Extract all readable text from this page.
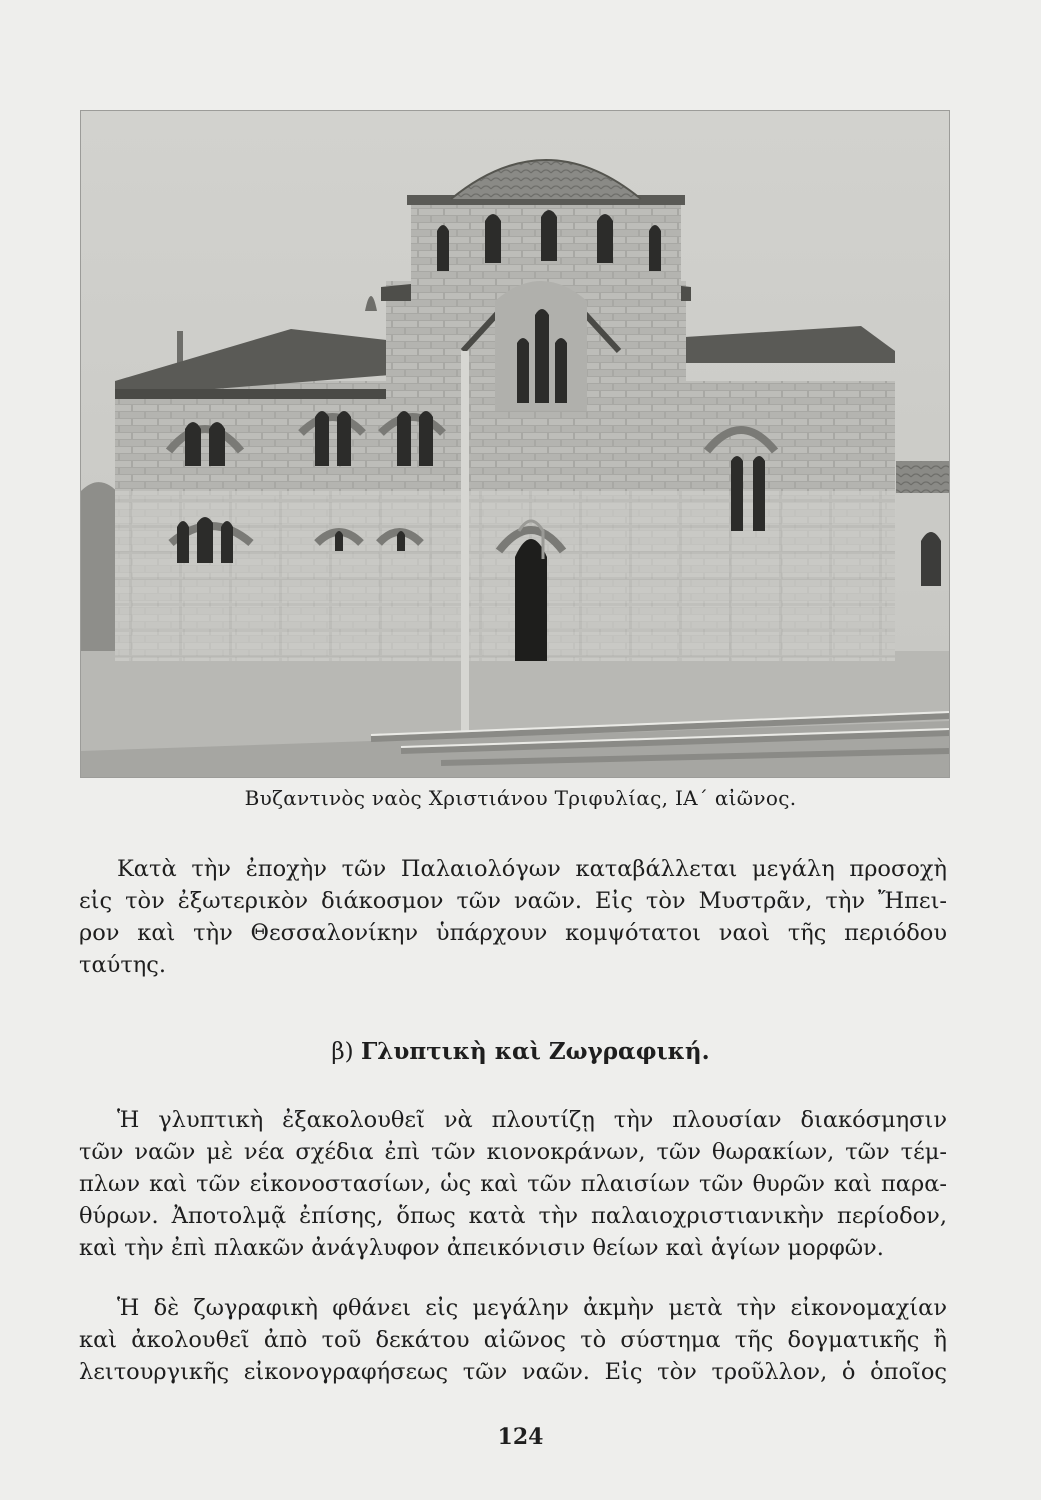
Βυζαντινὸς ναὸς Χριστιάνου Τριφυλίας, ΙΑ΄ αἰῶνος.
Κατὰ τὴν ἐποχὴν τῶν Παλαιολόγων καταβάλλεται μεγάλη προσοχὴ
εἰς τὸν ἐξωτερικὸν διάκοσμον τῶν ναῶν. Εἰς τὸν Μυστρᾶν, τὴν Ἤπει-
ρον καὶ τὴν Θεσσαλονίκην ὑπάρχουν κομψότατοι ναοὶ τῆς περιόδου
ταύτης.
β) Γλυπτικὴ καὶ Ζωγραφική.
Ἡ γλυπτικὴ ἐξακολουθεῖ νὰ πλουτίζῃ τὴν πλουσίαν διακόσμησιν
τῶν ναῶν μὲ νέα σχέδια ἐπὶ τῶν κιονοκράνων, τῶν θωρακίων, τῶν τέμ-
πλων καὶ τῶν εἰκονοστασίων, ὡς καὶ τῶν πλαισίων τῶν θυρῶν καὶ παρα-
θύρων. Ἀποτολμᾷ ἐπίσης, ὅπως κατὰ τὴν παλαιοχριστιανικὴν περίοδον,
καὶ τὴν ἐπὶ πλακῶν ἀνάγλυφον ἀπεικόνισιν θείων καὶ ἁγίων μορφῶν.
Ἡ δὲ ζωγραφικὴ φθάνει εἰς μεγάλην ἀκμὴν μετὰ τὴν εἰκονομαχίαν
καὶ ἀκολουθεῖ ἀπὸ τοῦ δεκάτου αἰῶνος τὸ σύστημα τῆς δογματικῆς ἢ
λειτουργικῆς εἰκονογραφήσεως τῶν ναῶν. Εἰς τὸν τροῦλλον, ὁ ὁποῖος
124
